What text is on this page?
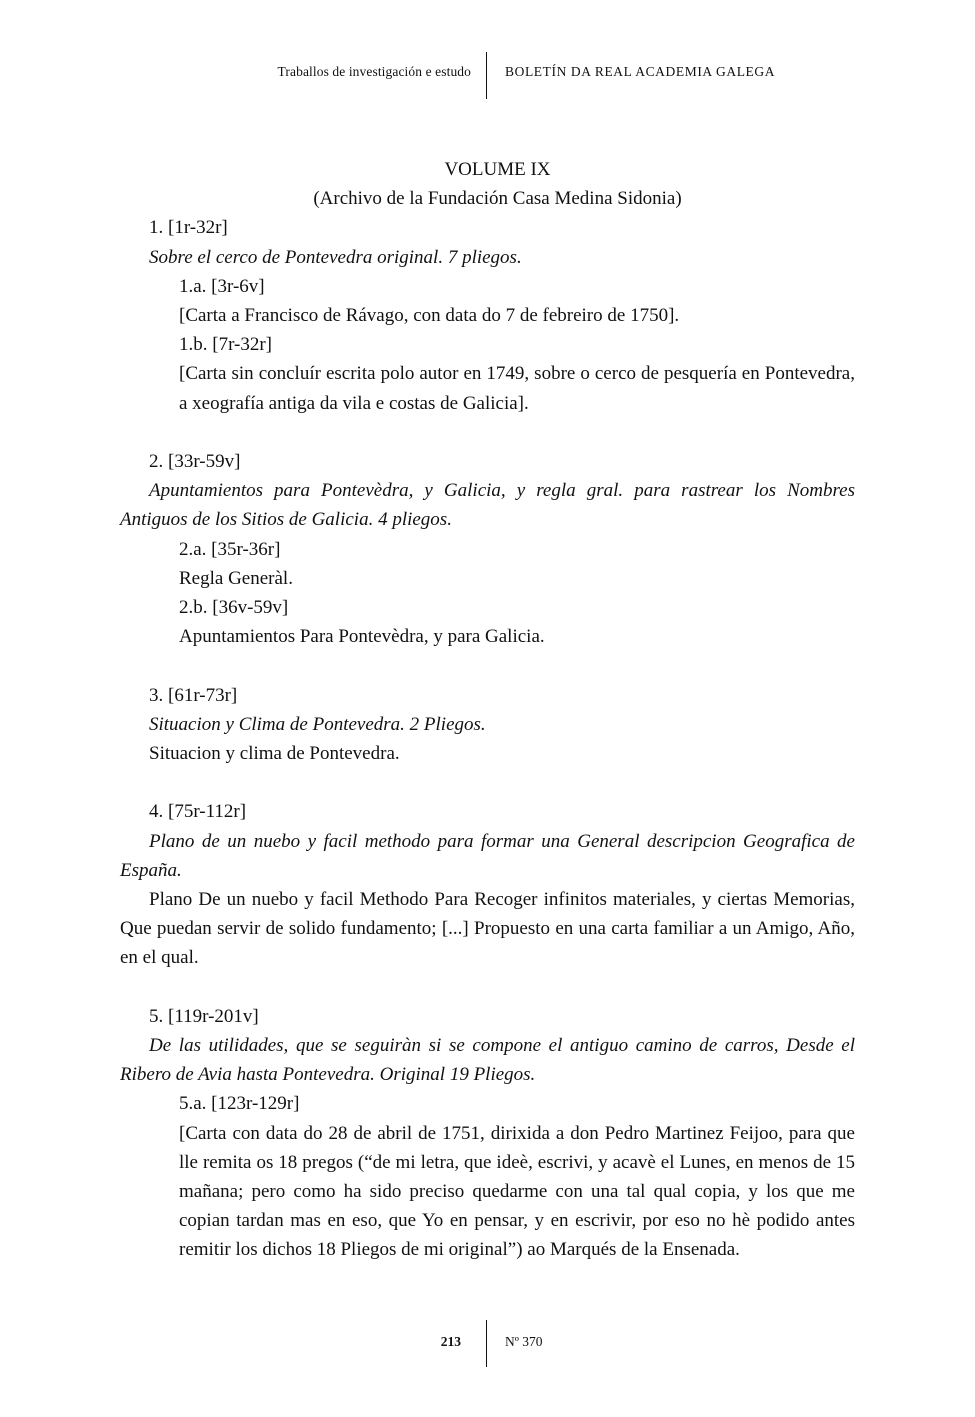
Traballos de investigación e estudo	BOLETÍN DA REAL ACADEMIA GALEGA
VOLUME IX
(Archivo de la Fundación Casa Medina Sidonia)
1. [1r-32r]
Sobre el cerco de Pontevedra original. 7 pliegos.
1.a. [3r-6v]
[Carta a Francisco de Rávago, con data do 7 de febreiro de 1750].
1.b. [7r-32r]
[Carta sin concluír escrita polo autor en 1749, sobre o cerco de pesquería en Pontevedra, a xeografía antiga da vila e costas de Galicia].
2. [33r-59v]
Apuntamientos para Pontevèdra, y Galicia, y regla gral. para rastrear los Nombres Antiguos de los Sitios de Galicia. 4 pliegos.
2.a. [35r-36r]
Regla Generàl.
2.b. [36v-59v]
Apuntamientos Para Pontevèdra, y para Galicia.
3. [61r-73r]
Situacion y Clima de Pontevedra. 2 Pliegos.
Situacion y clima de Pontevedra.
4. [75r-112r]
Plano de un nuebo y facil methodo para formar una General descripcion Geografica de España.
Plano De un nuebo y facil Methodo Para Recoger infinitos materiales, y ciertas Memorias, Que puedan servir de solido fundamento; [...] Propuesto en una carta familiar a un Amigo, Año, en el qual.
5. [119r-201v]
De las utilidades, que se seguiràn si se compone el antiguo camino de carros, Desde el Ribero de Avia hasta Pontevedra. Original 19 Pliegos.
5.a. [123r-129r]
[Carta con data do 28 de abril de 1751, dirixida a don Pedro Martinez Feijoo, para que lle remita os 18 pregos (“de mi letra, que ideè, escrivi, y acavè el Lunes, en menos de 15 mañana; pero como ha sido preciso quedarme con una tal qual copia, y los que me copian tardan mas en eso, que Yo en pensar, y en escrivir, por eso no hè podido antes remitir los dichos 18 Pliegos de mi original”) ao Marqués de la Ensenada.
213	Nº 370
